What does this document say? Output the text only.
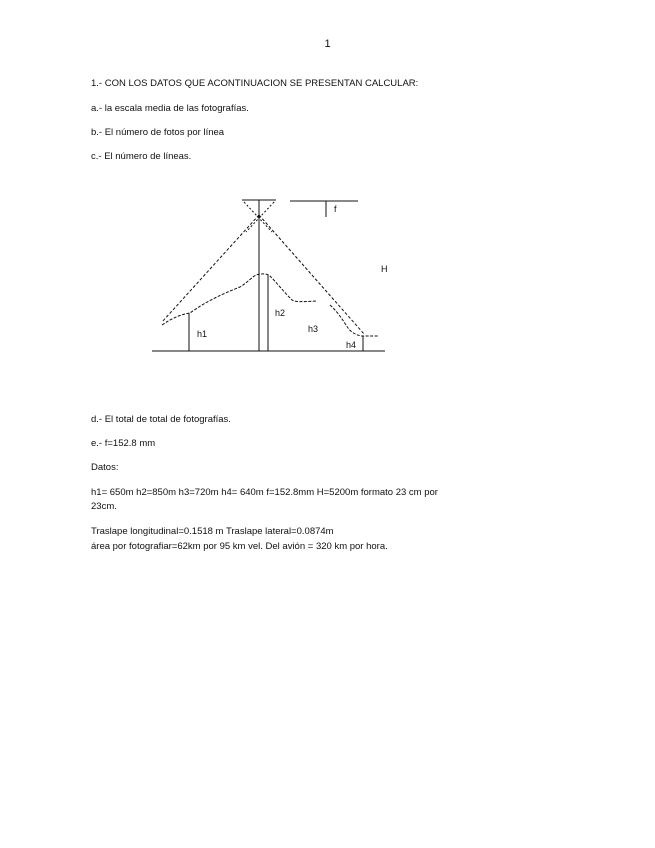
1
1.- CON LOS DATOS QUE ACONTINUACION SE PRESENTAN CALCULAR:
a.- la escala media de las fotografías.
b.- El número de fotos por línea
c.- El número de líneas.
f
H
h1
h2
h3
h4
d.- El total de total de fotografías.
e.- f=152.8 mm
Datos:
h1= 650m h2=850m h3=720m h4= 640m f=152.8mm H=5200m formato 23 cm por
23cm.
Traslape longitudinal=0.1518 m Traslape lateral=0.0874m
área por fotografiar=62km por 95 km vel. Del avión = 320 km por hora.
